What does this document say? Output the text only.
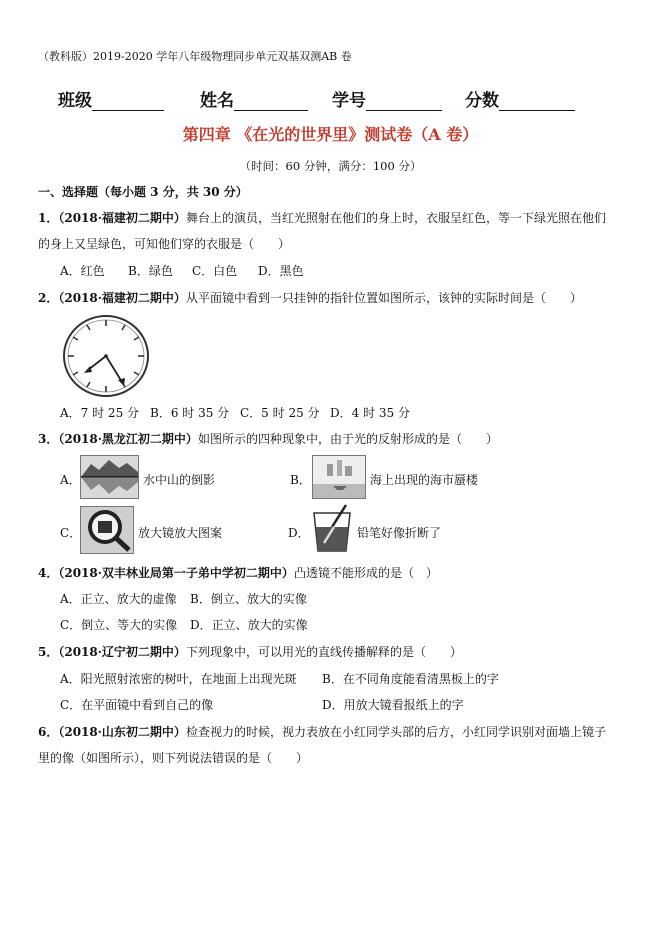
（教科版）2019-2020 学年八年级物理同步单元双基双测AB 卷
班级	姓名	学号	分数
第四章 《在光的世界里》测试卷（A 卷）
（时间：60 分钟，满分：100 分）
一、选择题（每小题 3 分，共 30 分）
1．（2018·福建初二期中）舞台上的演员，当红光照射在他们的身上时，衣服呈红色，等一下绿光照在他们
的身上又呈绿色，可知他们穿的衣服是（　　）
A．红色 B．绿色 C．白色 D．黑色
2．（2018·福建初二期中）从平面镜中看到一只挂钟的指针位置如图所示，该钟的实际时间是（　　）
A．7 时 25 分 B．6 时 35 分 C．5 时 25 分 D．4 时 35 分
3．（2018·黑龙江初二期中）如图所示的四种现象中，由于光的反射形成的是（　　）
A．	水中山的倒影	B．	海上出现的海市蜃楼
C．	放大镜放大图案	D．	铅笔好像折断了
4．（2018·双丰林业局第一子弟中学初二期中）凸透镜不能形成的是（　）
A．正立、放大的虚像 B．倒立、放大的实像
C．倒立、等大的实像 D．正立、放大的实像
5．（2018·辽宁初二期中）下列现象中，可以用光的直线传播解释的是（　　）
A．阳光照射浓密的树叶，在地面上出现光斑 B．在不同角度能看清黑板上的字
C．在平面镜中看到自己的像	D．用放大镜看报纸上的字
6．（2018·山东初二期中）检查视力的时候，视力表放在小红同学头部的后方，小红同学识别对面墙上镜子
里的像（如图所示），则下列说法错误的是（　　）
